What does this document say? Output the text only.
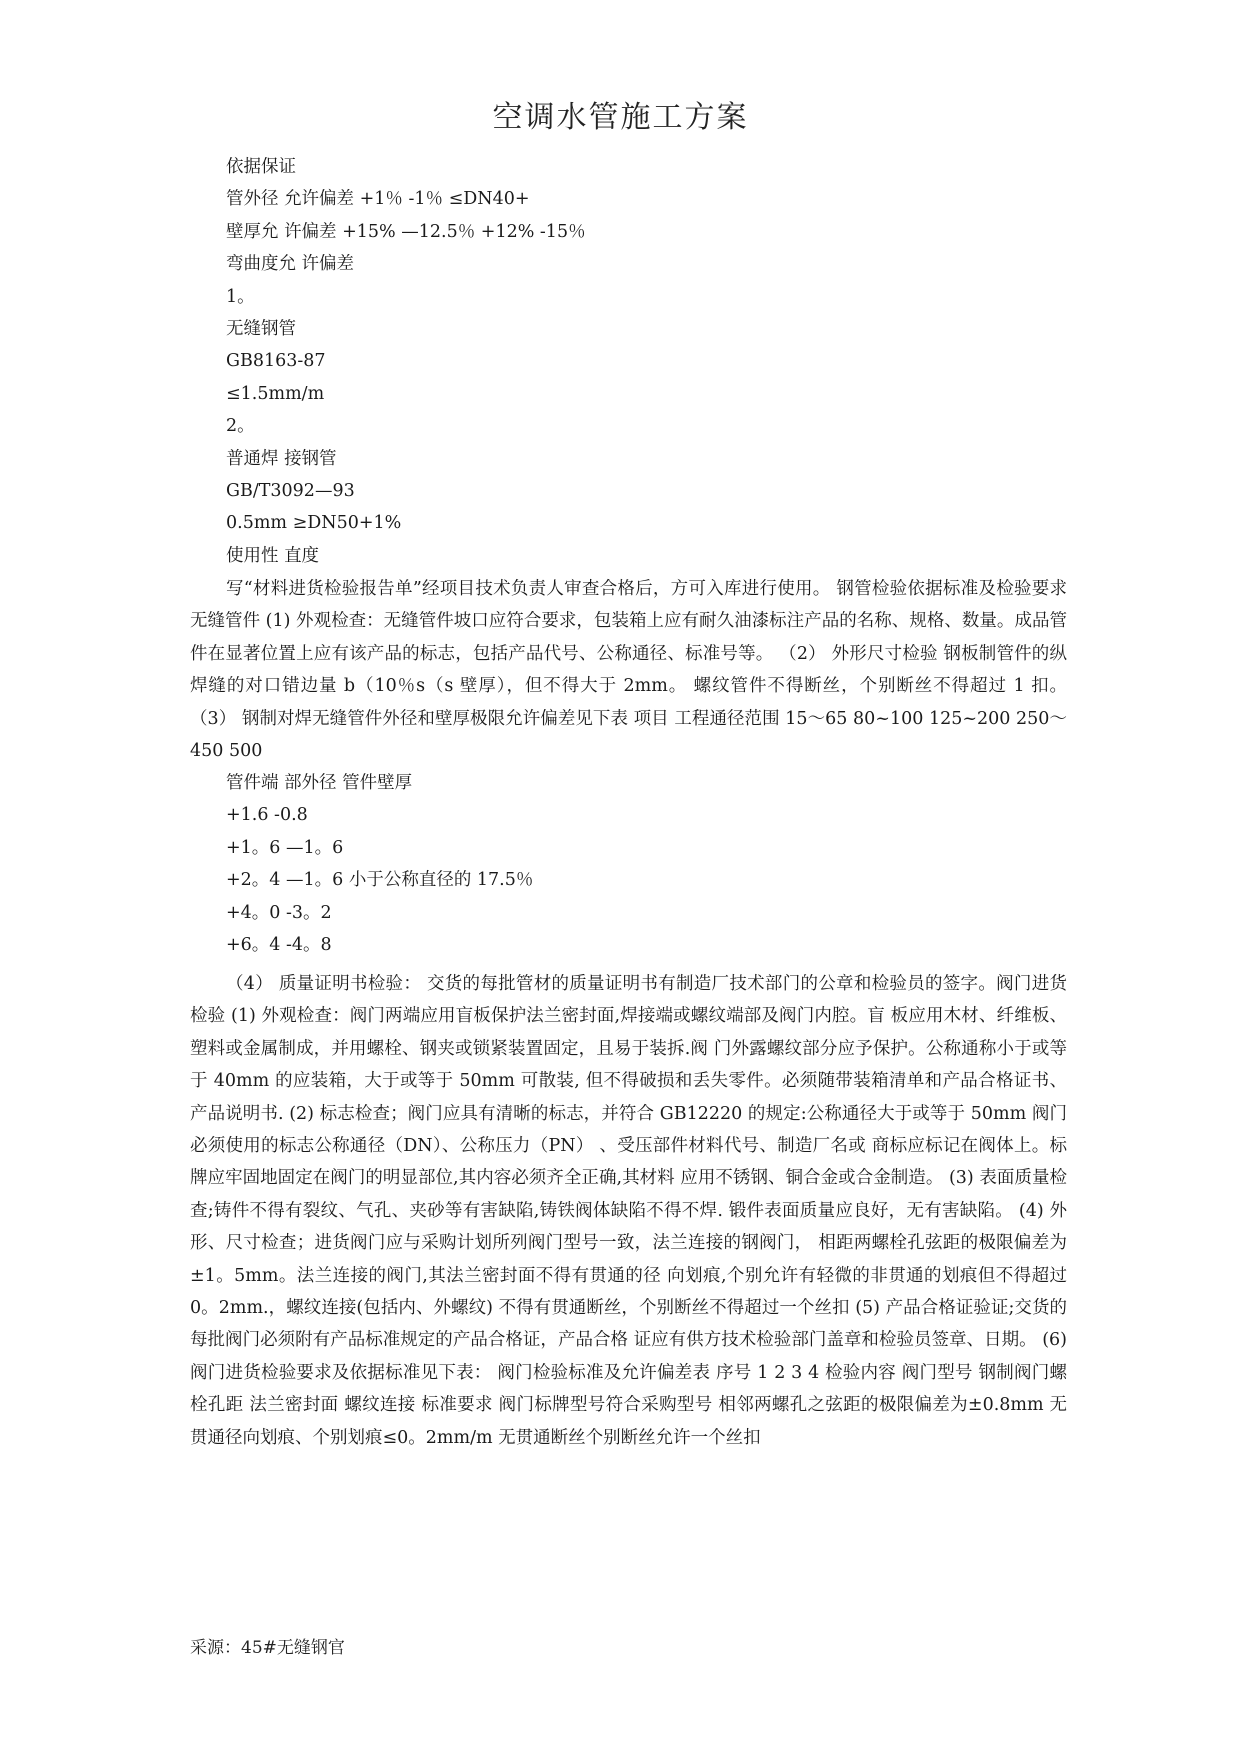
空调水管施工方案
依据保证
管外径 允许偏差 +1％ -1％ ≤DN40+
壁厚允 许偏差 +15% —12.5％ +12% -15％
弯曲度允 许偏差
1。
无缝钢管
GB8163-87
≤1.5mm/m
2。
普通焊 接钢管
GB/T3092—93
0.5mm ≥DN50+1%
使用性 直度
写“材料进货检验报告单”经项目技术负责人审查合格后，方可入库进行使用。 钢管检验依据标准及检验要求 无缝管件 (1) 外观检查：无缝管件坡口应符合要求，包装箱上应有耐久油漆标注产品的名称、规格、数量。成品管件在显著位置上应有该产品的标志，包括产品代号、公称通径、标准号等。 （2） 外形尺寸检验 钢板制管件的纵焊缝的对口错边量 b（10％s（s 壁厚），但不得大于 2mm。 螺纹管件不得断丝，个别断丝不得超过 1 扣。 （3） 钢制对焊无缝管件外径和壁厚极限允许偏差见下表 项目 工程通径范围 15～65 80~100 125~200 250～450 500
管件端 部外径 管件壁厚
+1.6 -0.8
+1。6 —1。6
+2。4 —1。6 小于公称直径的 17.5％
+4。0 -3。2
+6。4 -4。8
（4） 质量证明书检验： 交货的每批管材的质量证明书有制造厂技术部门的公章和检验员的签字。阀门进货检验 (1) 外观检查：阀门两端应用盲板保护法兰密封面,焊接端或螺纹端部及阀门内腔。盲 板应用木材、纤维板、塑料或金属制成，并用螺栓、钢夹或锁紧装置固定，且易于装拆.阀 门外露螺纹部分应予保护。公称通称小于或等于 40mm 的应装箱，大于或等于 50mm 可散装, 但不得破损和丢失零件。必须随带装箱清单和产品合格证书、产品说明书. (2) 标志检查；阀门应具有清晰的标志，并符合 GB12220 的规定:公称通径大于或等于 50mm 阀门必须使用的标志公称通径（DN）、公称压力（PN） 、受压部件材料代号、制造厂名或 商标应标记在阀体上。标牌应牢固地固定在阀门的明显部位,其内容必须齐全正确,其材料 应用不锈钢、铜合金或合金制造。 (3) 表面质量检查;铸件不得有裂纹、气孔、夹砂等有害缺陷,铸铁阀体缺陷不得不焊. 锻件表面质量应良好，无有害缺陷。 (4) 外形、尺寸检查；进货阀门应与采购计划所列阀门型号一致，法兰连接的钢阀门， 相距两螺栓孔弦距的极限偏差为±1。5mm。法兰连接的阀门,其法兰密封面不得有贯通的径 向划痕,个别允许有轻微的非贯通的划痕但不得超过 0。2mm.，螺纹连接(包括内、外螺纹) 不得有贯通断丝，个别断丝不得超过一个丝扣 (5) 产品合格证验证;交货的每批阀门必须附有产品标准规定的产品合格证，产品合格 证应有供方技术检验部门盖章和检验员签章、日期。 (6) 阀门进货检验要求及依据标准见下表： 阀门检验标准及允许偏差表 序号 1 2 3 4 检验内容 阀门型号 钢制阀门螺栓孔距 法兰密封面 螺纹连接 标准要求 阀门标牌型号符合采购型号 相邻两螺孔之弦距的极限偏差为±0.8mm 无贯通径向划痕、个别划痕≤0。2mm/m 无贯通断丝个别断丝允许一个丝扣
采源：45#无缝钢官
